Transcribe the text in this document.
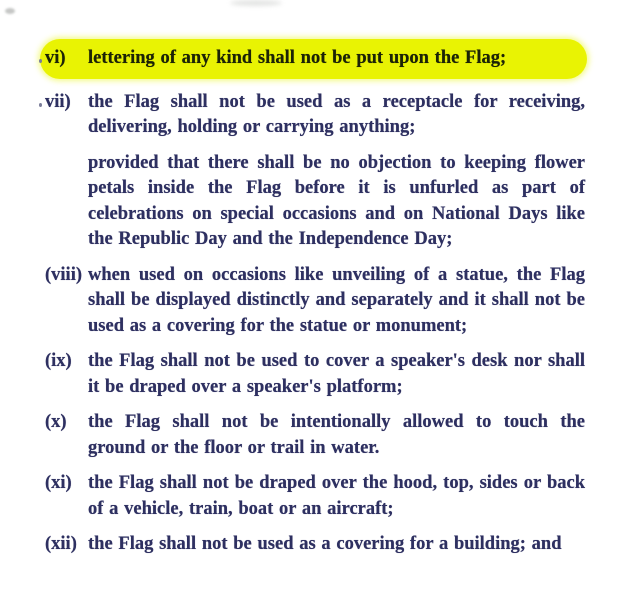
vi)	lettering of any kind shall not be put upon the Flag;

vii) the Flag shall not be used as a receptacle for receiving, delivering, holding or carrying anything;

provided that there shall be no objection to keeping flower petals inside the Flag before it is unfurled as part of celebrations on special occasions and on National Days like the Republic Day and the Independence Day;

(viii) when used on occasions like unveiling of a statue, the Flag shall be displayed distinctly and separately and it shall not be used as a covering for the statue or monument;

(ix) the Flag shall not be used to cover a speaker's desk nor shall it be draped over a speaker's platform;

(x)	the Flag shall not be intentionally allowed to touch the ground or the floor or trail in water.

(xi) the Flag shall not be draped over the hood, top, sides or back of a vehicle, train, boat or an aircraft;

(xii) the Flag shall not be used as a covering for a building; and
